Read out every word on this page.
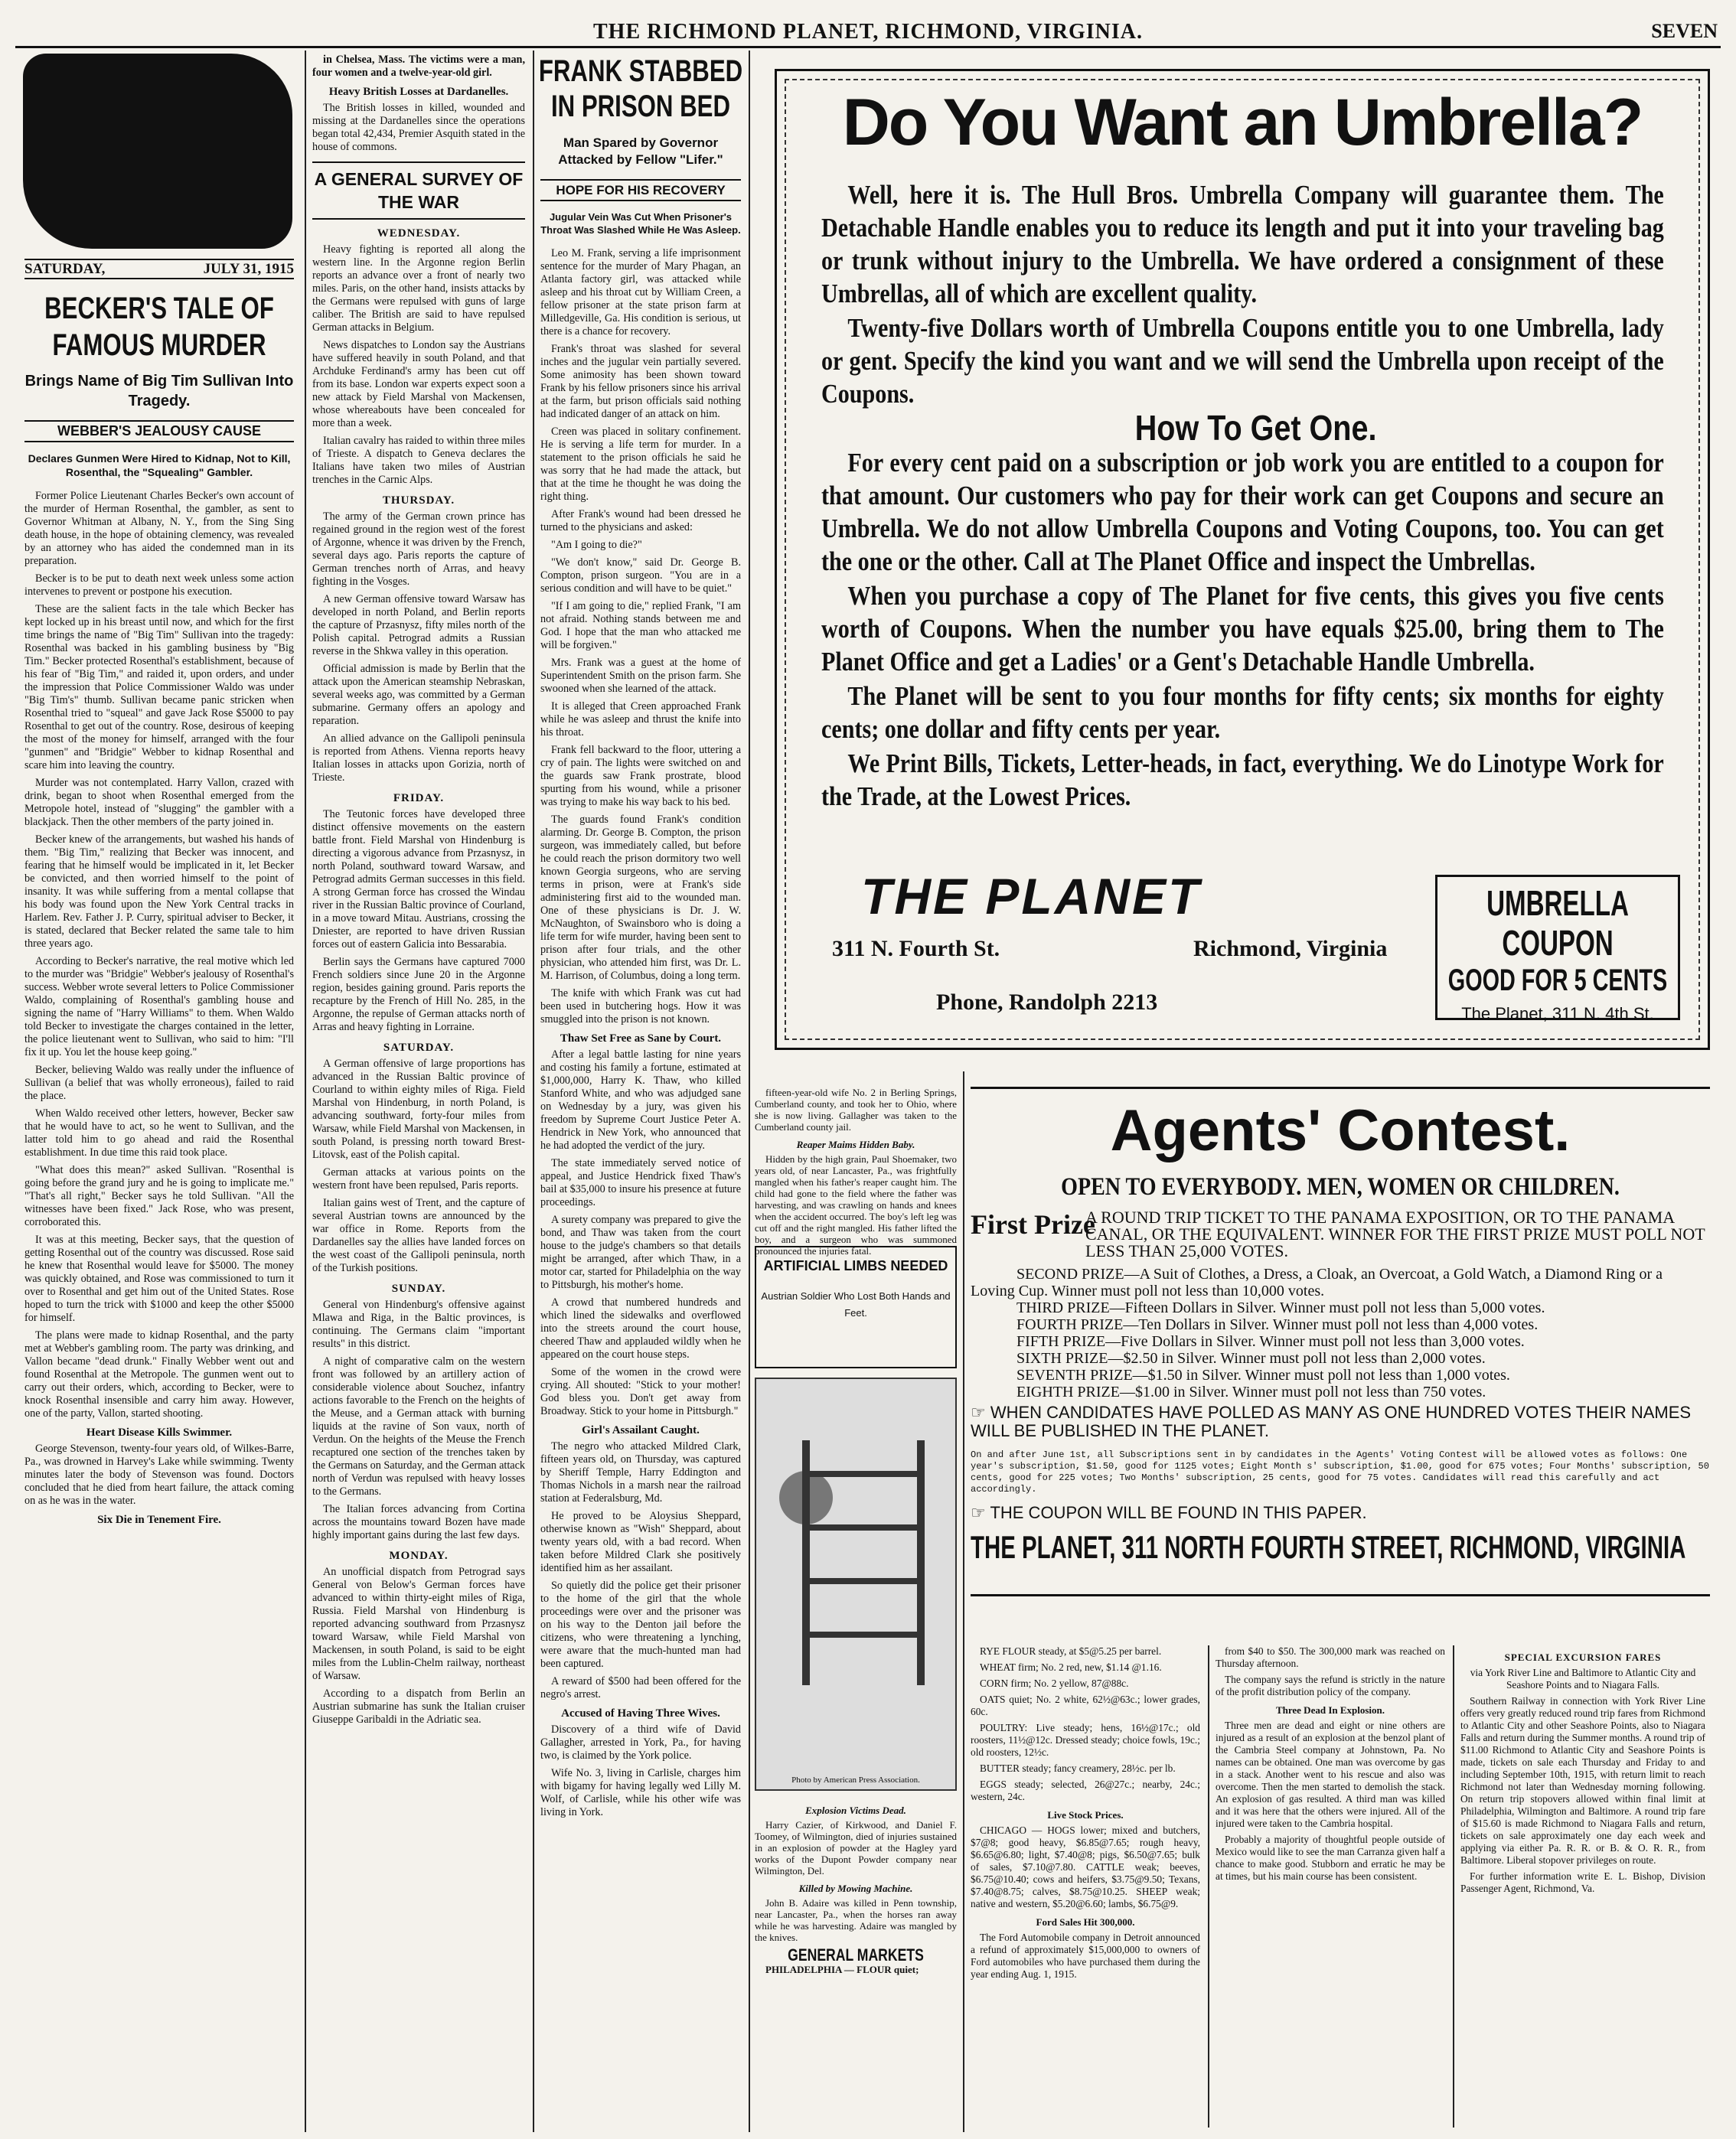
THE RICHMOND PLANET, RICHMOND, VIRGINIA.	SEVEN
SATURDAY,	JULY 31, 1915
BECKER'S TALE OF FAMOUS MURDER
Brings Name of Big Tim Sullivan Into Tragedy.
WEBBER'S JEALOUSY CAUSE
Declares Gunmen Were Hired to Kidnap, Not to Kill, Rosenthal, the "Squealing" Gambler.

Former Police Lieutenant Charles Becker's own account of the murder of Herman Rosenthal, the gambler, as sent to Governor Whitman at Albany, N. Y., from the Sing Sing death house, in the hope of obtaining clemency, was revealed by an attorney who has aided the condemned man in its preparation.

Becker is to be put to death next week unless some action intervenes to prevent or postpone his execution.

These are the salient facts in the tale which Becker has kept locked up in his breast until now, and which for the first time brings the name of "Big Tim" Sullivan into the tragedy: Rosenthal was backed in his gambling business by "Big Tim." Becker protected Rosenthal's establishment, because of his fear of "Big Tim," and raided it, upon orders, and under the impression that Police Commissioner Waldo was under "Big Tim's" thumb. Sullivan became panic stricken when Rosenthal tried to "squeal" and gave Jack Rose $5000 to pay Rosenthal to get out of the country. Rose, desirous of keeping the most of the money for himself, arranged with the four "gunmen" and "Bridgie" Webber to kidnap Rosenthal and scare him into leaving the country.

Murder was not contemplated. Harry Vallon, crazed with drink, began to shoot when Rosenthal emerged from the Metropole hotel, instead of "slugging" the gambler with a blackjack. Then the other members of the party joined in.

Becker knew of the arrangements, but washed his hands of them. "Big Tim," realizing that Becker was innocent, and fearing that he himself would be implicated in it, let Becker be convicted, and then worried himself to the point of insanity. It was while suffering from a mental collapse that his body was found upon the New York Central tracks in Harlem. Rev. Father J. P. Curry, spiritual adviser to Becker, it is stated, declared that Becker related the same tale to him three years ago.

According to Becker's narrative, the real motive which led to the murder was "Bridgie" Webber's jealousy of Rosenthal's success. Webber wrote several letters to Police Commissioner Waldo, complaining of Rosenthal's gambling house and signing the name of "Harry Williams" to them. When Waldo told Becker to investigate the charges contained in the letter, the police lieutenant went to Sullivan, who said to him: "I'll fix it up. You let the house keep going."

Becker, believing Waldo was really under the influence of Sullivan (a belief that was wholly erroneous), failed to raid the place.

When Waldo received other letters, however, Becker saw that he would have to act, so he went to Sullivan, and the latter told him to go ahead and raid the Rosenthal establishment. In due time this raid took place.

"What does this mean?" asked Sullivan. "Rosenthal is going before the grand jury and he is going to implicate me." "That's all right," Becker says he told Sullivan. "All the witnesses have been fixed." Jack Rose, who was present, corroborated this.

It was at this meeting, Becker says, that the question of getting Rosenthal out of the country was discussed. Rose said he knew that Rosenthal would leave for $5000. The money was quickly obtained, and Rose was commissioned to turn it over to Rosenthal and get him out of the United States. Rose hoped to turn the trick with $1000 and keep the other $5000 for himself.

The plans were made to kidnap Rosenthal, and the party met at Webber's gambling room. The party was drinking, and Vallon became "dead drunk." Finally Webber went out and found Rosenthal at the Metropole. The gunmen went out to carry out their orders, which, according to Becker, were to knock Rosenthal insensible and carry him away. However, one of the party, Vallon, started shooting.

Heart Disease Kills Swimmer.

George Stevenson, twenty-four years old, of Wilkes-Barre, Pa., was drowned in Harvey's Lake while swimming. Twenty minutes later the body of Stevenson was found. Doctors concluded that he died from heart failure, the attack coming on as he was in the water.

Six Die in Tenement Fire.

in Chelsea, Mass. The victims were a man, four women and a twelve-year-old girl.

Heavy British Losses at Dardanelles.

The British losses in killed, wounded and missing at the Dardanelles since the operations began total 42,434, Premier Asquith stated in the house of commons.

A GENERAL SURVEY OF THE WAR
WEDNESDAY.

Heavy fighting is reported all along the western line. In the Argonne region Berlin reports an advance over a front of nearly two miles. Paris, on the other hand, insists attacks by the Germans were repulsed with guns of large caliber. The British are said to have repulsed German attacks in Belgium.

News dispatches to London say the Austrians have suffered heavily in south Poland, and that Archduke Ferdinand's army has been cut off from its base. London war experts expect soon a new attack by Field Marshal von Mackensen, whose whereabouts have been concealed for more than a week.

Italian cavalry has raided to within three miles of Trieste. A dispatch to Geneva declares the Italians have taken two miles of Austrian trenches in the Carnic Alps.

THURSDAY.

The army of the German crown prince has regained ground in the region west of the forest of Argonne, whence it was driven by the French, several days ago. Paris reports the capture of German trenches north of Arras, and heavy fighting in the Vosges.

A new German offensive toward Warsaw has developed in north Poland, and Berlin reports the capture of Przasnysz, fifty miles north of the Polish capital. Petrograd admits a Russian reverse in the Shkwa valley in this operation.

Official admission is made by Berlin that the attack upon the American steamship Nebraskan, several weeks ago, was committed by a German submarine. Germany offers an apology and reparation.

An allied advance on the Gallipoli peninsula is reported from Athens. Vienna reports heavy Italian losses in attacks upon Gorizia, north of Trieste.

FRIDAY.

The Teutonic forces have developed three distinct offensive movements on the eastern battle front. Field Marshal von Hindenburg is directing a vigorous advance from Przasnysz, in north Poland, southward toward Warsaw, and Petrograd admits German successes in this field. A strong German force has crossed the Windau river in the Russian Baltic province of Courland, in a move toward Mitau. Austrians, crossing the Dniester, are reported to have driven Russian forces out of eastern Galicia into Bessarabia.

Berlin says the Germans have captured 7000 French soldiers since June 20 in the Argonne region, besides gaining ground. Paris reports the recapture by the French of Hill No. 285, in the Argonne, the repulse of German attacks north of Arras and heavy fighting in Lorraine.

SATURDAY.

A German offensive of large proportions has advanced in the Russian Baltic province of Courland to within eighty miles of Riga. Field Marshal von Hindenburg, in north Poland, is advancing southward, forty-four miles from Warsaw, while Field Marshal von Mackensen, in south Poland, is pressing north toward Brest-Litovsk, east of the Polish capital.

German attacks at various points on the western front have been repulsed, Paris reports.

Italian gains west of Trent, and the capture of several Austrian towns are announced by the war office in Rome. Reports from the Dardanelles say the allies have landed forces on the west coast of the Gallipoli peninsula, north of the Turkish positions.

SUNDAY.

General von Hindenburg's offensive against Mlawa and Riga, in the Baltic provinces, is continuing. The Germans claim "important results" in this district.

A night of comparative calm on the western front was followed by an artillery action of considerable violence about Souchez, infantry actions favorable to the French on the heights of the Meuse, and a German attack with burning liquids at the ravine of Son vaux, north of Verdun. On the heights of the Meuse the French recaptured one section of the trenches taken by the Germans on Saturday, and the German attack north of Verdun was repulsed with heavy losses to the Germans.

The Italian forces advancing from Cortina across the mountains toward Bozen have made highly important gains during the last few days.

MONDAY.

An unofficial dispatch from Petrograd says General von Below's German forces have advanced to within thirty-eight miles of Riga, Russia. Field Marshal von Hindenburg is reported advancing southward from Przasnysz toward Warsaw, while Field Marshal von Mackensen, in south Poland, is said to be eight miles from the Lublin-Chelm railway, northeast of Warsaw.

According to a dispatch from Berlin an Austrian submarine has sunk the Italian cruiser Giuseppe Garibaldi in the Adriatic sea.

FRANK STABBED IN PRISON BED
Man Spared by Governor Attacked by Fellow "Lifer."
HOPE FOR HIS RECOVERY
Jugular Vein Was Cut When Prisoner's Throat Was Slashed While He Was Asleep.

Leo M. Frank, serving a life imprisonment sentence for the murder of Mary Phagan, an Atlanta factory girl, was attacked while asleep and his throat cut by William Creen, a fellow prisoner at the state prison farm at Milledgeville, Ga. His condition is serious, ut there is a chance for recovery.

Frank's throat was slashed for several inches and the jugular vein partially severed. Some animosity has been shown toward Frank by his fellow prisoners since his arrival at the farm, but prison officials said nothing had indicated danger of an attack on him.

Creen was placed in solitary confinement. He is serving a life term for murder. In a statement to the prison officials he said he was sorry that he had made the attack, but that at the time he thought he was doing the right thing.

After Frank's wound had been dressed he turned to the physicians and asked:

"Am I going to die?"

"We don't know," said Dr. George B. Compton, prison surgeon. "You are in a serious condition and will have to be quiet."

"If I am going to die," replied Frank, "I am not afraid. Nothing stands between me and God. I hope that the man who attacked me will be forgiven."

Mrs. Frank was a guest at the home of Superintendent Smith on the prison farm. She swooned when she learned of the attack.

It is alleged that Creen approached Frank while he was asleep and thrust the knife into his throat.

Frank fell backward to the floor, uttering a cry of pain. The lights were switched on and the guards saw Frank prostrate, blood spurting from his wound, while a prisoner was trying to make his way back to his bed.

The guards found Frank's condition alarming. Dr. George B. Compton, the prison surgeon, was immediately called, but before he could reach the prison dormitory two well known Georgia surgeons, who are serving terms in prison, were at Frank's side administering first aid to the wounded man. One of these physicians is Dr. J. W. McNaughton, of Swainsboro who is doing a life term for wife murder, having been sent to prison after four trials, and the other physician, who attended him first, was Dr. L. M. Harrison, of Columbus, doing a long term.

The knife with which Frank was cut had been used in butchering hogs. How it was smuggled into the prison is not known.

Thaw Set Free as Sane by Court.

After a legal battle lasting for nine years and costing his family a fortune, estimated at $1,000,000, Harry K. Thaw, who killed Stanford White, and who was adjudged sane on Wednesday by a jury, was given his freedom by Supreme Court Justice Peter A. Hendrick in New York, who announced that he had adopted the verdict of the jury.

The state immediately served notice of appeal, and Justice Hendrick fixed Thaw's bail at $35,000 to insure his presence at future proceedings.

A surety company was prepared to give the bond, and Thaw was taken from the court house to the judge's chambers so that details might be arranged, after which Thaw, in a motor car, started for Philadelphia on the way to Pittsburgh, his mother's home.

A crowd that numbered hundreds and which lined the sidewalks and overflowed into the streets around the court house, cheered Thaw and applauded wildly when he appeared on the court house steps.

Some of the women in the crowd were crying. All shouted: "Stick to your mother! God bless you. Don't get away from Broadway. Stick to your home in Pittsburgh."

Girl's Assailant Caught.

The negro who attacked Mildred Clark, fifteen years old, on Thursday, was captured by Sheriff Temple, Harry Eddington and Thomas Nichols in a marsh near the railroad station at Federalsburg, Md.

He proved to be Aloysius Sheppard, otherwise known as "Wish" Sheppard, about twenty years old, with a bad record. When taken before Mildred Clark she positively identified him as her assailant.

So quietly did the police get their prisoner to the home of the girl that the whole proceedings were over and the prisoner was on his way to the Denton jail before the citizens, who were threatening a lynching, were aware that the much-hunted man had been captured.

A reward of $500 had been offered for the negro's arrest.

Accused of Having Three Wives.

Discovery of a third wife of David Gallagher, arrested in York, Pa., for having two, is claimed by the York police.

Wife No. 3, living in Carlisle, charges him with bigamy for having legally wed Lilly M. Wolf, of Carlisle, while his other wife was living in York.

Do You Want an Umbrella?

Well, here it is. The Hull Bros. Umbrella Company will guarantee them. The Detachable Handle enables you to reduce its length and put it into your traveling bag or trunk without injury to the Umbrella. We have ordered a consignment of these Umbrellas, all of which are excellent quality.

Twenty-five Dollars worth of Umbrella Coupons entitle you to one Umbrella, lady or gent. Specify the kind you want and we will send the Umbrella upon receipt of the Coupons.

How To Get One.

For every cent paid on a subscription or job work you are entitled to a coupon for that amount. Our customers who pay for their work can get Coupons and secure an Umbrella. We do not allow Umbrella Coupons and Voting Coupons, too. You can get the one or the other. Call at The Planet Office and inspect the Umbrellas.

When you purchase a copy of The Planet for five cents, this gives you five cents worth of Coupons. When the number you have equals $25.00, bring them to The Planet Office and get a Ladies' or a Gent's Detachable Handle Umbrella.

The Planet will be sent to you four months for fifty cents; six months for eighty cents; one dollar and fifty cents per year.

We Print Bills, Tickets, Letter-heads, in fact, everything. We do Linotype Work for the Trade, at the Lowest Prices.

THE PLANET
311 N. Fourth St.	Richmond, Virginia
Phone, Randolph 2213
UMBRELLA COUPON
GOOD FOR 5 CENTS
The Planet, 311 N. 4th St.

fifteen-year-old wife No. 2 in Berling Springs, Cumberland county, and took her to Ohio, where she is now living. Gallagher was taken to the Cumberland county jail.

Reaper Maims Hidden Baby.

Hidden by the high grain, Paul Shoemaker, two years old, of near Lancaster, Pa., was frightfully mangled when his father's reaper caught him. The child had gone to the field where the father was harvesting, and was crawling on hands and knees when the accident occurred. The boy's left leg was cut off and the right mangled. His father lifted the boy, and a surgeon who was summoned pronounced the injuries fatal.

ARTIFICIAL LIMBS NEEDED
Austrian Soldier Who Lost Both Hands and Feet.
Photo by American Press Association.
Explosion Victims Dead.

Harry Cazier, of Kirkwood, and Daniel F. Toomey, of Wilmington, died of injuries sustained in an explosion of powder at the Hagley yard works of the Dupont Powder company near Wilmington, Del.

Killed by Mowing Machine.

John B. Adaire was killed in Penn township, near Lancaster, Pa., when the horses ran away while he was harvesting. Adaire was mangled by the knives.

GENERAL MARKETS

PHILADELPHIA — FLOUR quiet;

Agents' Contest.
OPEN TO EVERYBODY. MEN, WOMEN OR CHILDREN.
First Prize
A ROUND TRIP TICKET TO THE PANAMA EXPOSITION, OR TO THE PANAMA CANAL, OR THE EQUIVALENT. WINNER FOR THE FIRST PRIZE MUST POLL NOT LESS THAN 25,000 VOTES.
SECOND PRIZE—A Suit of Clothes, a Dress, a Cloak, an Overcoat, a Gold Watch, a Diamond Ring or a Loving Cup. Winner must poll not less than 10,000 votes.
THIRD PRIZE—Fifteen Dollars in Silver. Winner must poll not less than 5,000 votes.
FOURTH PRIZE—Ten Dollars in Silver. Winner must poll not less than 4,000 votes.
FIFTH PRIZE—Five Dollars in Silver. Winner must poll not less than 3,000 votes.
SIXTH PRIZE—$2.50 in Silver. Winner must poll not less than 2,000 votes.
SEVENTH PRIZE—$1.50 in Silver. Winner must poll not less than 1,000 votes.
EIGHTH PRIZE—$1.00 in Silver. Winner must poll not less than 750 votes.
☞ WHEN CANDIDATES HAVE POLLED AS MANY AS ONE HUNDRED VOTES THEIR NAMES WILL BE PUBLISHED IN THE PLANET.
On and after June 1st, all Subscriptions sent in by candidates in the Agents' Voting Contest will be allowed votes as follows: One year's subscription, $1.50, good for 1125 votes; Eight Month s' subscription, $1.00, good for 675 votes; Four Months' subscription, 50 cents, good for 225 votes; Two Months' subscription, 25 cents, good for 75 votes. Candidates will read this carefully and act accordingly.
☞ THE COUPON WILL BE FOUND IN THIS PAPER.
THE PLANET, 311 NORTH FOURTH STREET, RICHMOND, VIRGINIA

RYE FLOUR steady, at $5@5.25 per barrel.

WHEAT firm; No. 2 red, new, $1.14 @1.16.

CORN firm; No. 2 yellow, 87@88c.

OATS quiet; No. 2 white, 62½@63c.; lower grades, 60c.

POULTRY: Live steady; hens, 16½@17c.; old roosters, 11½@12c. Dressed steady; choice fowls, 19c.; old roosters, 12½c.

BUTTER steady; fancy creamery, 28½c. per lb.

EGGS steady; selected, 26@27c.; nearby, 24c.; western, 24c.

Live Stock Prices.

CHICAGO — HOGS lower; mixed and butchers, $7@8; good heavy, $6.85@7.65; rough heavy, $6.65@6.80; light, $7.40@8; pigs, $6.50@7.65; bulk of sales, $7.10@7.80. CATTLE weak; beeves, $6.75@10.40; cows and heifers, $3.75@9.50; Texans, $7.40@8.75; calves, $8.75@10.25. SHEEP weak; native and western, $5.20@6.60; lambs, $6.75@9.

Ford Sales Hit 300,000.

The Ford Automobile company in Detroit announced a refund of approximately $15,000,000 to owners of Ford automobiles who have purchased them during the year ending Aug. 1, 1915.

from $40 to $50. The 300,000 mark was reached on Thursday afternoon.

The company says the refund is strictly in the nature of the profit distribution policy of the company.

Three Dead In Explosion.

Three men are dead and eight or nine others are injured as a result of an explosion at the benzol plant of the Cambria Steel company at Johnstown, Pa. No names can be obtained. One man was overcome by gas in a stack. Another went to his rescue and also was overcome. Then the men started to demolish the stack. An explosion of gas resulted. A third man was killed and it was here that the others were injured. All of the injured were taken to the Cambria hospital.

Probably a majority of thoughtful people outside of Mexico would like to see the man Carranza given half a chance to make good. Stubborn and erratic he may be at times, but his main course has been consistent.

SPECIAL EXCURSION FARES

via York River Line and Baltimore to Atlantic City and Seashore Points and to Niagara Falls.

Southern Railway in connection with York River Line offers very greatly reduced round trip fares from Richmond to Atlantic City and other Seashore Points, also to Niagara Falls and return during the Summer months. A round trip of $11.00 Richmond to Atlantic City and Seashore Points is made, tickets on sale each Thursday and Friday to and including September 10th, 1915, with return limit to reach Richmond not later than Wednesday morning following. On return trip stopovers allowed within final limit at Philadelphia, Wilmington and Baltimore. A round trip fare of $15.60 is made Richmond to Niagara Falls and return, tickets on sale approximately one day each week and applying via either Pa. R. R. or B. & O. R. R., from Baltimore. Liberal stopover privileges on route.

For further information write E. L. Bishop, Division Passenger Agent, Richmond, Va.
